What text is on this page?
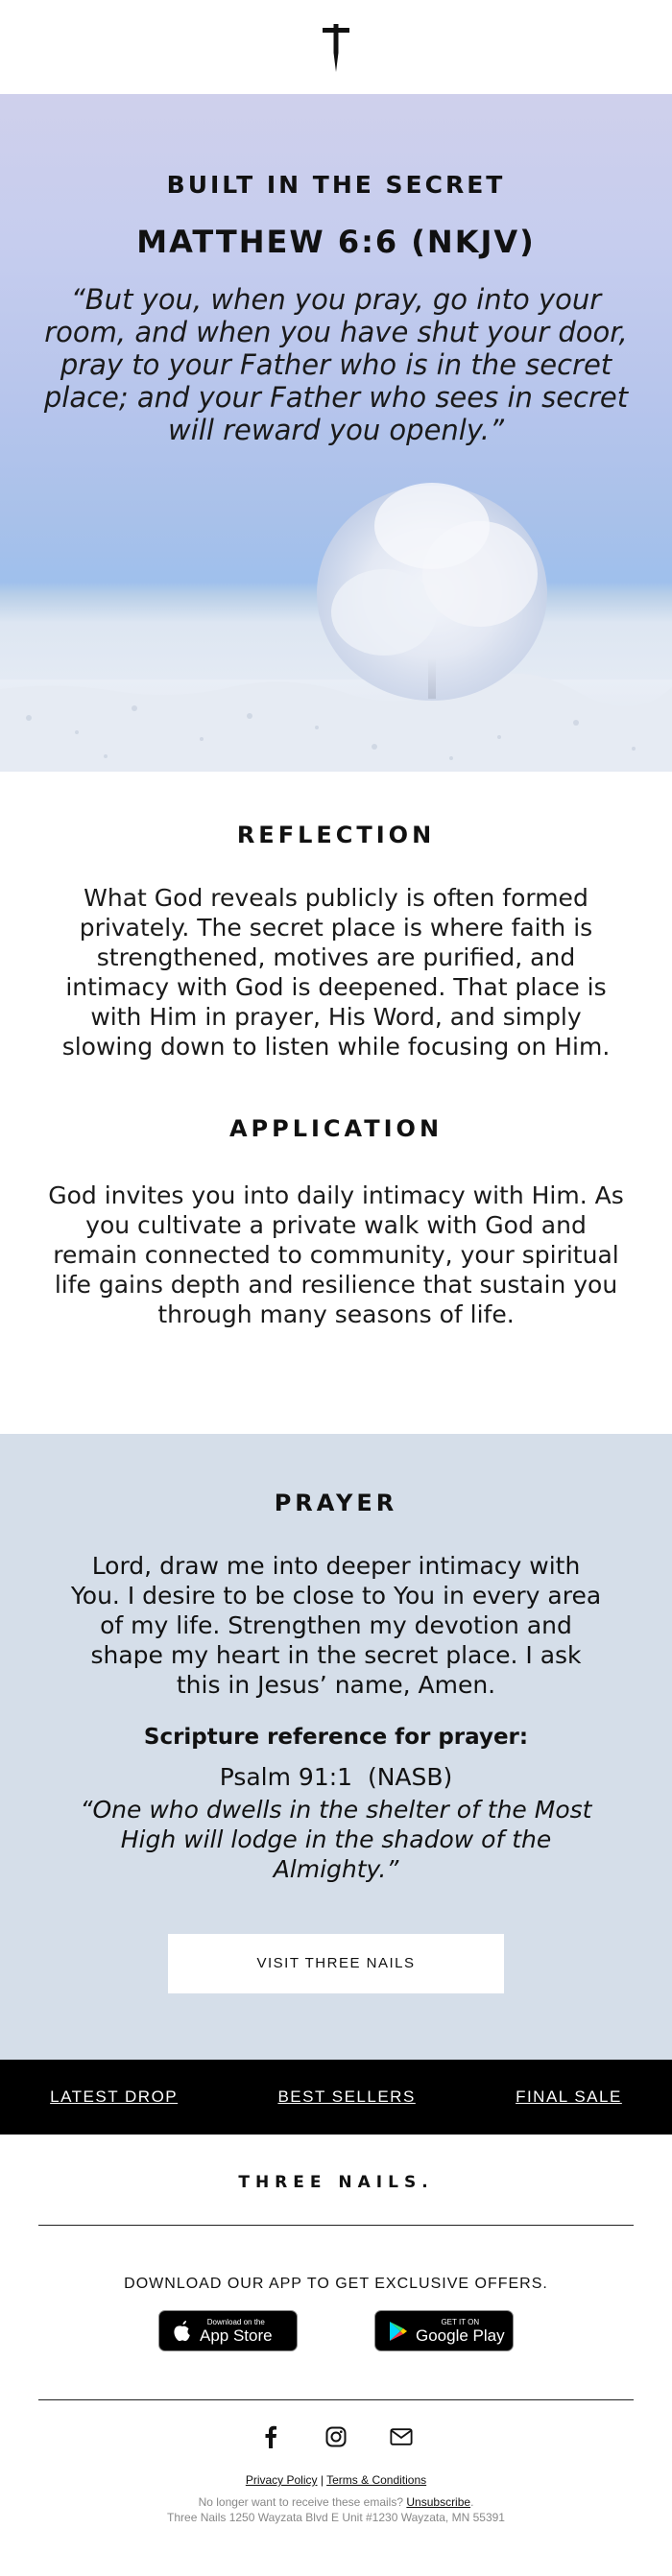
BUILT IN THE SECRET

MATTHEW 6:6 (NKJV)

“But you, when you pray, go into your room, and when you have shut your door, pray to your Father who is in the secret place; and your Father who sees in secret will reward you openly.”

REFLECTION

What God reveals publicly is often formed privately. The secret place is where faith is strengthened, motives are purified, and intimacy with God is deepened. That place is with Him in prayer, His Word, and simply slowing down to listen while focusing on Him.

APPLICATION

God invites you into daily intimacy with Him. As you cultivate a private walk with God and remain connected to community, your spiritual life gains depth and resilience that sustain you through many seasons of life.

PRAYER

Lord, draw me into deeper intimacy with You. I desire to be close to You in every area of my life. Strengthen my devotion and shape my heart in the secret place. I ask this in Jesus’ name, Amen.

Scripture reference for prayer:

Psalm 91:1  (NASB)

“One who dwells in the shelter of the Most High will lodge in the shadow of the Almighty.”

VISIT THREE NAILS
LATEST DROP	BEST SELLERS	FINAL SALE
THREE NAILS.
DOWNLOAD OUR APP TO GET EXCLUSIVE OFFERS.
Download on the
App Store
GET IT ON
Google Play
Privacy Policy | Terms & Conditions
No longer want to receive these emails? Unsubscribe.
Three Nails 1250 Wayzata Blvd E Unit #1230 Wayzata, MN 55391
